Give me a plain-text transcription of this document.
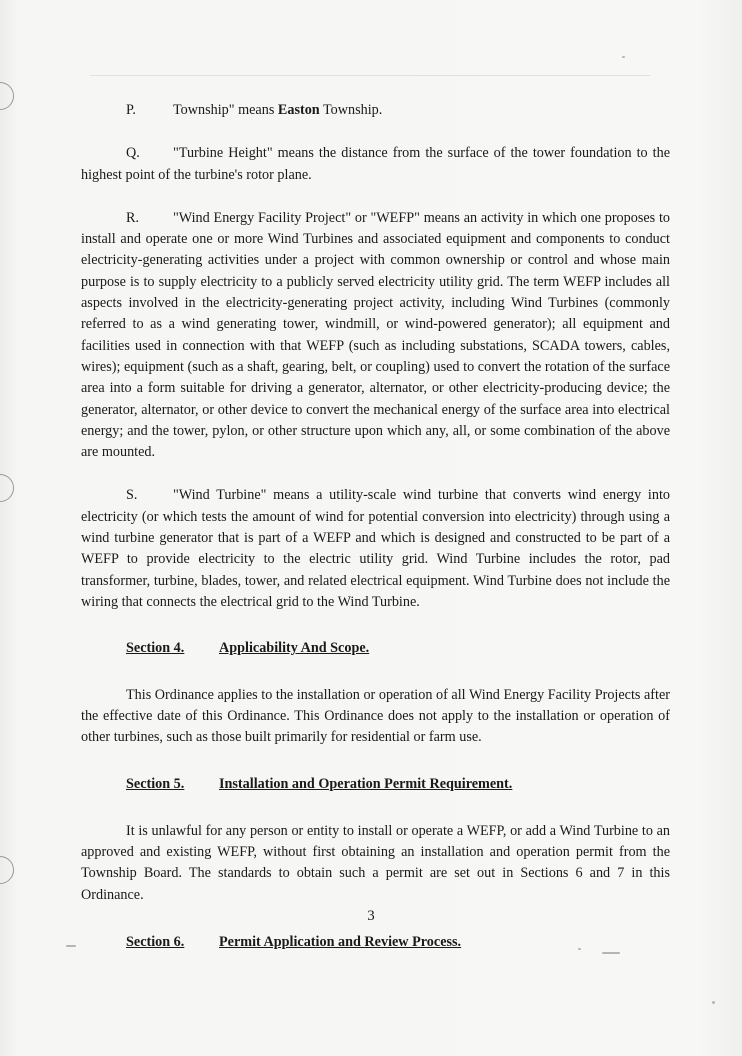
P.	Township" means Easton Township.

Q. "Turbine Height" means the distance from the surface of the tower foundation to the highest point of the turbine's rotor plane.

R. "Wind Energy Facility Project" or "WEFP" means an activity in which one proposes to install and operate one or more Wind Turbines and associated equipment and components to conduct electricity-generating activities under a project with common ownership or control and whose main purpose is to supply electricity to a publicly served electricity utility grid. The term WEFP includes all aspects involved in the electricity-generating project activity, including Wind Turbines (commonly referred to as a wind generating tower, windmill, or wind-powered generator); all equipment and facilities used in connection with that WEFP (such as including substations, SCADA towers, cables, wires); equipment (such as a shaft, gearing, belt, or coupling) used to convert the rotation of the surface area into a form suitable for driving a generator, alternator, or other electricity-producing device; the generator, alternator, or other device to convert the mechanical energy of the surface area into electrical energy; and the tower, pylon, or other structure upon which any, all, or some combination of the above are mounted.

S.	"Wind Turbine" means a utility-scale wind turbine that converts wind energy into electricity (or which tests the amount of wind for potential conversion into electricity) through using a wind turbine generator that is part of a WEFP and which is designed and constructed to be part of a WEFP to provide electricity to the electric utility grid. Wind Turbine includes the rotor, pad transformer, turbine, blades, tower, and related electrical equipment. Wind Turbine does not include the wiring that connects the electrical grid to the Wind Turbine.

Section 4. Applicability And Scope.

This Ordinance applies to the installation or operation of all Wind Energy Facility Projects after the effective date of this Ordinance. This Ordinance does not apply to the installation or operation of other turbines, such as those built primarily for residential or farm use.

Section 5. Installation and Operation Permit Requirement.

It is unlawful for any person or entity to install or operate a WEFP, or add a Wind Turbine to an approved and existing WEFP, without first obtaining an installation and operation permit from the Township Board. The standards to obtain such a permit are set out in Sections 6 and 7 in this Ordinance.

Section 6. Permit Application and Review Process.
3
